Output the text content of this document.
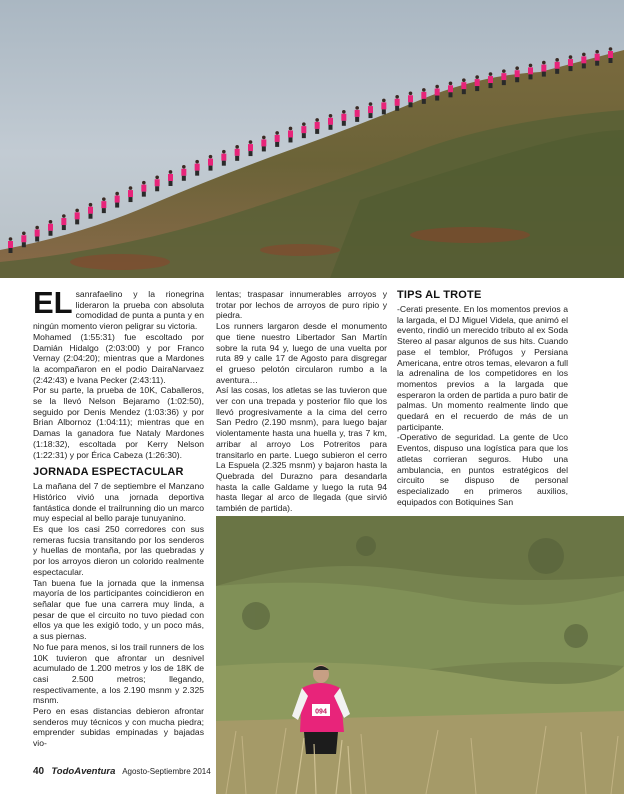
EL sanrafaelino y la rionegrina lideraron la prueba con absoluta comodidad de punta a punta y en ningún momento vieron peligrar su victoria.

Mohamed (1:55:31) fue escoltado por Damián Hidalgo (2:03:00) y por Franco Vernay (2:04:20); mientras que a Mardones la acompañaron en el podio DairaNarvaez (2:42:43) e Ivana Pecker (2:43:11).

Por su parte, la prueba de 10K, Caballeros, se la llevó Nelson Bejaramo (1:02:50), seguido por Denis Mendez (1:03:36) y por Brian Albornoz (1:04:11); mientras que en Damas la ganadora fue Nataly Mardones (1:18:32), escoltada por Kerry Nelson (1:22:31) y por Érica Cabeza (1:26:30).

JORNADA ESPECTACULAR

La mañana del 7 de septiembre el Manzano Histórico vivió una jornada deportiva fantástica donde el trailrunning dio un marco muy especial al bello paraje tunuyanino.

Es que los casi 250 corredores con sus remeras fucsia transitando por los senderos y huellas de montaña, por las quebradas y por los arroyos dieron un colorido realmente espectacular.

Tan buena fue la jornada que la inmensa mayoría de los participantes coincidieron en señalar que fue una carrera muy linda, a pesar de que el circuito no tuvo piedad con ellos ya que les exigió todo, y un poco más, a sus piernas.

No fue para menos, si los trail runners de los 10K tuvieron que afrontar un desnivel acumulado de 1.200 metros y los de 18K de casi 2.500 metros; llegando, respectivamente, a los 2.190 msnm y 2.325 msnm.

Pero en esas distancias debieron afrontar senderos muy técnicos y con mucha piedra; emprender subidas empinadas y bajadas vio-

lentas; traspasar innumerables arroyos y trotar por lechos de arroyos de puro ripio y piedra.

Los runners largaron desde el monumento que tiene nuestro Libertador San Martín sobre la ruta 94 y, luego de una vuelta por ruta 89 y calle 17 de Agosto para disgregar el grueso pelotón circularon rumbo a la aventura…

Así las cosas, los atletas se las tuvieron que ver con una trepada y posterior filo que los llevó progresivamente a la cima del cerro San Pedro (2.190 msnm), para luego bajar violentamente hasta una huella y, tras 7 km, arribar al arroyo Los Potreritos para transitarlo en parte. Luego subieron el cerro La Espuela (2.325 msnm) y bajaron hasta la Quebrada del Durazno para desandarla hasta la calle Galdame y luego la ruta 94 hasta llegar al arco de llegada (que sirvió también de partida).

TIPS AL TROTE

-Cerati presente. En los momentos previos a la largada, el DJ Miguel Videla, que animó el evento, rindió un merecido tributo al ex Soda Stereo al pasar algunos de sus hits. Cuando pase el temblor, Prófugos y Persiana Americana, entre otros temas, elevaron a full la adrenalina de los competidores en los momentos previos a la largada que esperaron la orden de partida a puro batir de palmas. Un momento realmente lindo que quedará en el recuerdo de más de un participante.

-Operativo de seguridad. La gente de Uco Eventos, dispuso una logística para que los atletas corrieran seguros. Hubo una ambulancia, en puntos estratégicos del circuito se dispuso de personal especializado en primeros auxilios, equipados con Botiquines San

094
40 TodoAventura Agosto-Septiembre 2014
